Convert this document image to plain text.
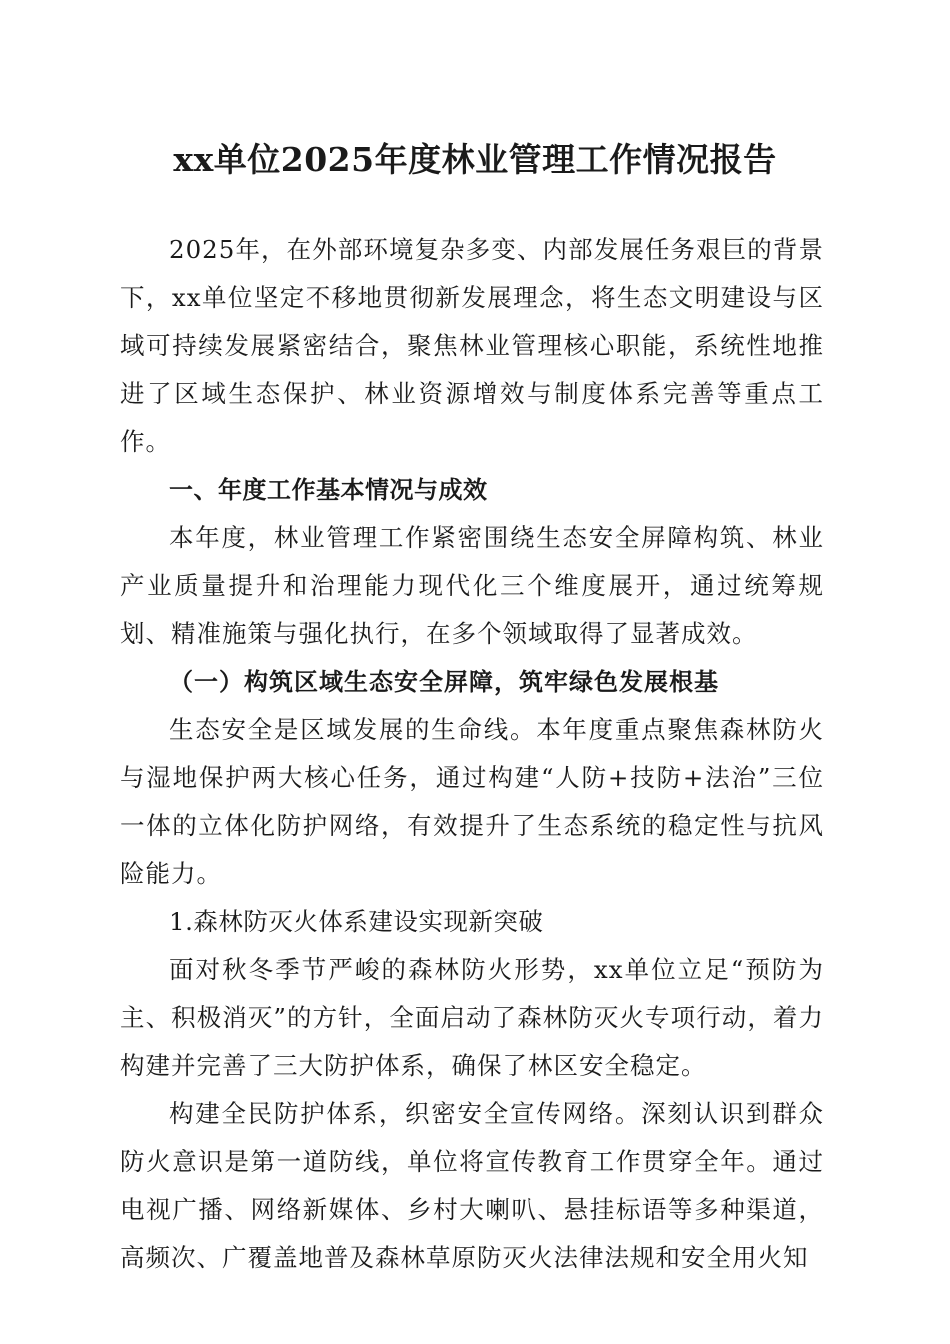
xx单位2025年度林业管理工作情况报告

2025年，在外部环境复杂多变、内部发展任务艰巨的背景下，xx单位坚定不移地贯彻新发展理念，将生态文明建设与区域可持续发展紧密结合，聚焦林业管理核心职能，系统性地推进了区域生态保护、林业资源增效与制度体系完善等重点工作。

一、年度工作基本情况与成效

本年度，林业管理工作紧密围绕生态安全屏障构筑、林业产业质量提升和治理能力现代化三个维度展开，通过统筹规划、精准施策与强化执行，在多个领域取得了显著成效。

（一）构筑区域生态安全屏障，筑牢绿色发展根基

生态安全是区域发展的生命线。本年度重点聚焦森林防火与湿地保护两大核心任务，通过构建“人防+技防+法治”三位一体的立体化防护网络，有效提升了生态系统的稳定性与抗风险能力。

1.森林防灭火体系建设实现新突破

面对秋冬季节严峻的森林防火形势，xx单位立足“预防为主、积极消灭”的方针，全面启动了森林防灭火专项行动，着力构建并完善了三大防护体系，确保了林区安全稳定。

构建全民防护体系，织密安全宣传网络。深刻认识到群众防火意识是第一道防线，单位将宣传教育工作贯穿全年。通过电视广播、网络新媒体、乡村大喇叭、悬挂标语等多种渠道，高频次、广覆盖地普及森林草原防灭火法律法规和安全用火知
